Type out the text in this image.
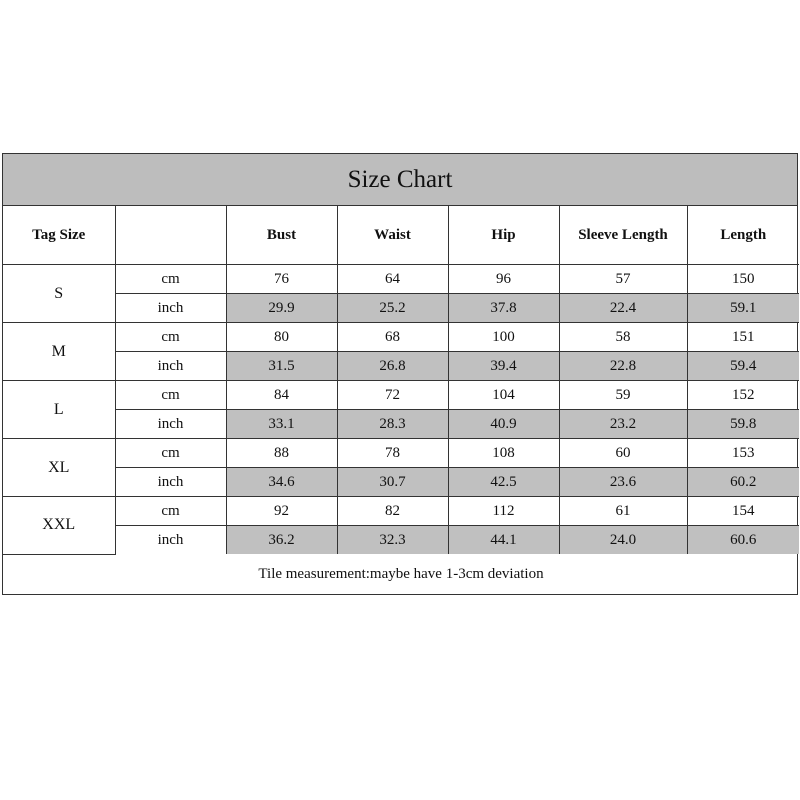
Size Chart
Tag Size		Bust	Waist	Hip	Sleeve Length	Length
S	cm	76	64	96	57	150
	inch	29.9	25.2	37.8	22.4	59.1
M	cm	80	68	100	58	151
	inch	31.5	26.8	39.4	22.8	59.4
L	cm	84	72	104	59	152
	inch	33.1	28.3	40.9	23.2	59.8
XL	cm	88	78	108	60	153
	inch	34.6	30.7	42.5	23.6	60.2
XXL	cm	92	82	112	61	154
	inch	36.2	32.3	44.1	24.0	60.6
Tile measurement:maybe have 1-3cm deviation						
